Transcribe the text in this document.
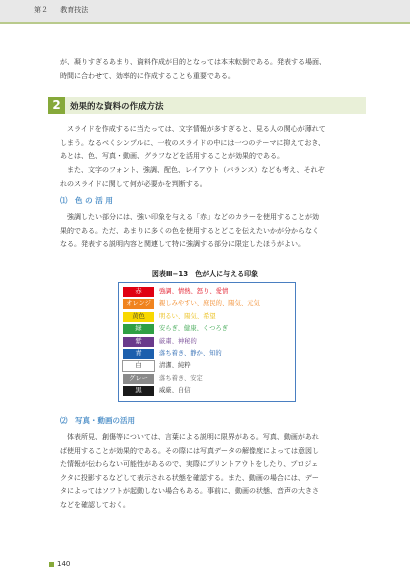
第２ 教育技法
が、凝りすぎるあまり、資料作成が目的となっては本末転倒である。発表する場面、
時間に合わせて、効率的に作成することも重要である。
2	効果的な資料の作成方法
　スライドを作成するに当たっては、文字情報が多すぎると、見る人の関心が薄れて
しまう。なるべくシンプルに、一枚のスライドの中には一つのテーマに抑えておき、
あとは、色、写真・動画、グラフなどを活用することが効果的である。
　また、文字のフォント、強調、配色、レイアウト（バランス）なども考え、それぞ
れのスライドに関して何が必要かを判断する。
⑴　色 の 活 用
　強調したい部分には、強い印象を与える「赤」などのカラーを使用することが効
果的である。ただ、あまりに多くの色を使用するとどこを伝えたいかが分からなく
なる。発表する説明内容と関連して特に強調する部分に限定したほうがよい。
図表Ⅲ−13　色が人に与える印象
赤	強調、情熱、怒り、愛情
オレンジ	親しみやすい、庶民的、陽気、元気
黄色	明るい、陽気、希望
緑	安らぎ、健康、くつろぎ
紫	厳粛、神秘的
青	落ち着き、静か、知的
白	清潔、純粋
グレー	落ち着き、安定
黒	威厳、自信
⑵　写真・動画の活用
　体表所見、創傷等については、言葉による説明に限界がある。写真、動画があれ
ば使用することが効果的である。その際には写真データの解像度によっては意図し
た情報が伝わらない可能性があるので、実際にプリントアウトをしたり、プロジェ
クタに投影するなどして表示される状態を確認する。また、動画の場合には、デー
タによってはソフトが起動しない場合もある。事前に、動画の状態、音声の大きさ
などを確認しておく。
140
